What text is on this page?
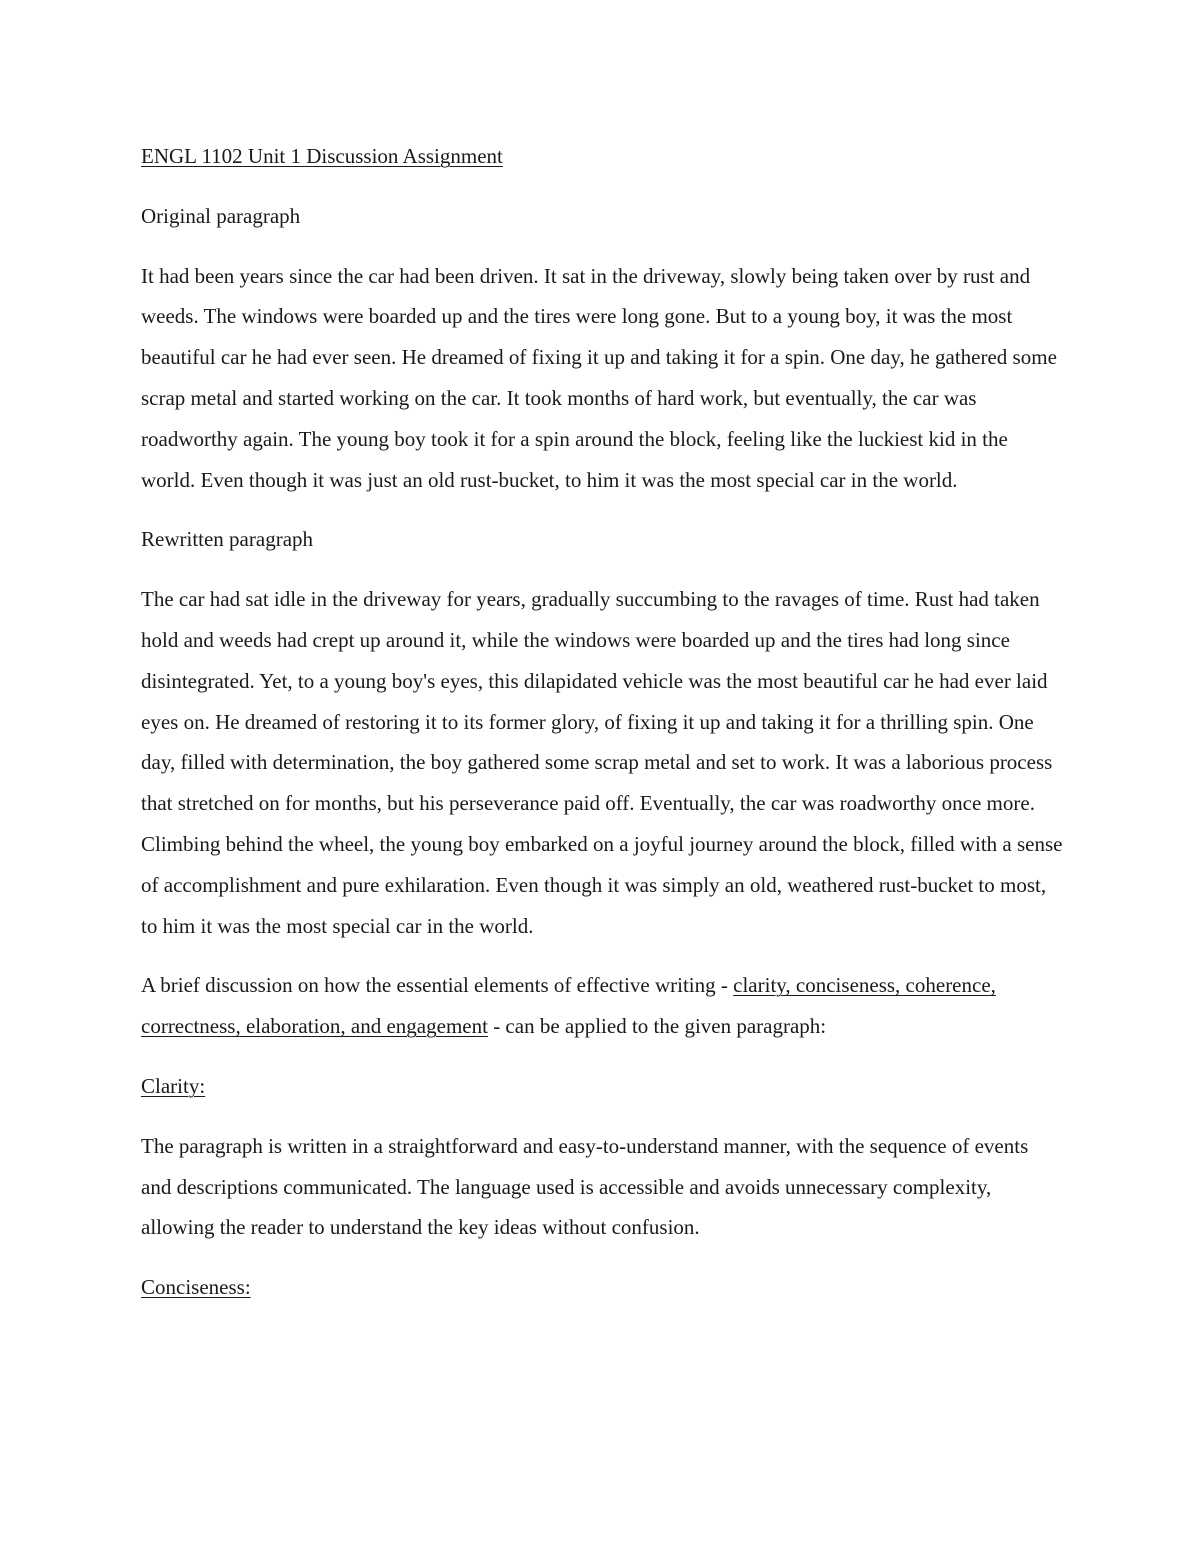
ENGL 1102 Unit 1 Discussion Assignment

Original paragraph

It had been years since the car had been driven. It sat in the driveway, slowly being taken over by rust and weeds. The windows were boarded up and the tires were long gone. But to a young boy, it was the most beautiful car he had ever seen. He dreamed of fixing it up and taking it for a spin. One day, he gathered some scrap metal and started working on the car. It took months of hard work, but eventually, the car was roadworthy again. The young boy took it for a spin around the block, feeling like the luckiest kid in the world. Even though it was just an old rust-bucket, to him it was the most special car in the world.

Rewritten paragraph

The car had sat idle in the driveway for years, gradually succumbing to the ravages of time. Rust had taken hold and weeds had crept up around it, while the windows were boarded up and the tires had long since disintegrated. Yet, to a young boy's eyes, this dilapidated vehicle was the most beautiful car he had ever laid eyes on. He dreamed of restoring it to its former glory, of fixing it up and taking it for a thrilling spin. One day, filled with determination, the boy gathered some scrap metal and set to work. It was a laborious process that stretched on for months, but his perseverance paid off. Eventually, the car was roadworthy once more. Climbing behind the wheel, the young boy embarked on a joyful journey around the block, filled with a sense of accomplishment and pure exhilaration. Even though it was simply an old, weathered rust-bucket to most, to him it was the most special car in the world.

A brief discussion on how the essential elements of effective writing - clarity, conciseness, coherence, correctness, elaboration, and engagement - can be applied to the given paragraph:

Clarity:

The paragraph is written in a straightforward and easy-to-understand manner, with the sequence of events and descriptions communicated. The language used is accessible and avoids unnecessary complexity, allowing the reader to understand the key ideas without confusion.

Conciseness:
